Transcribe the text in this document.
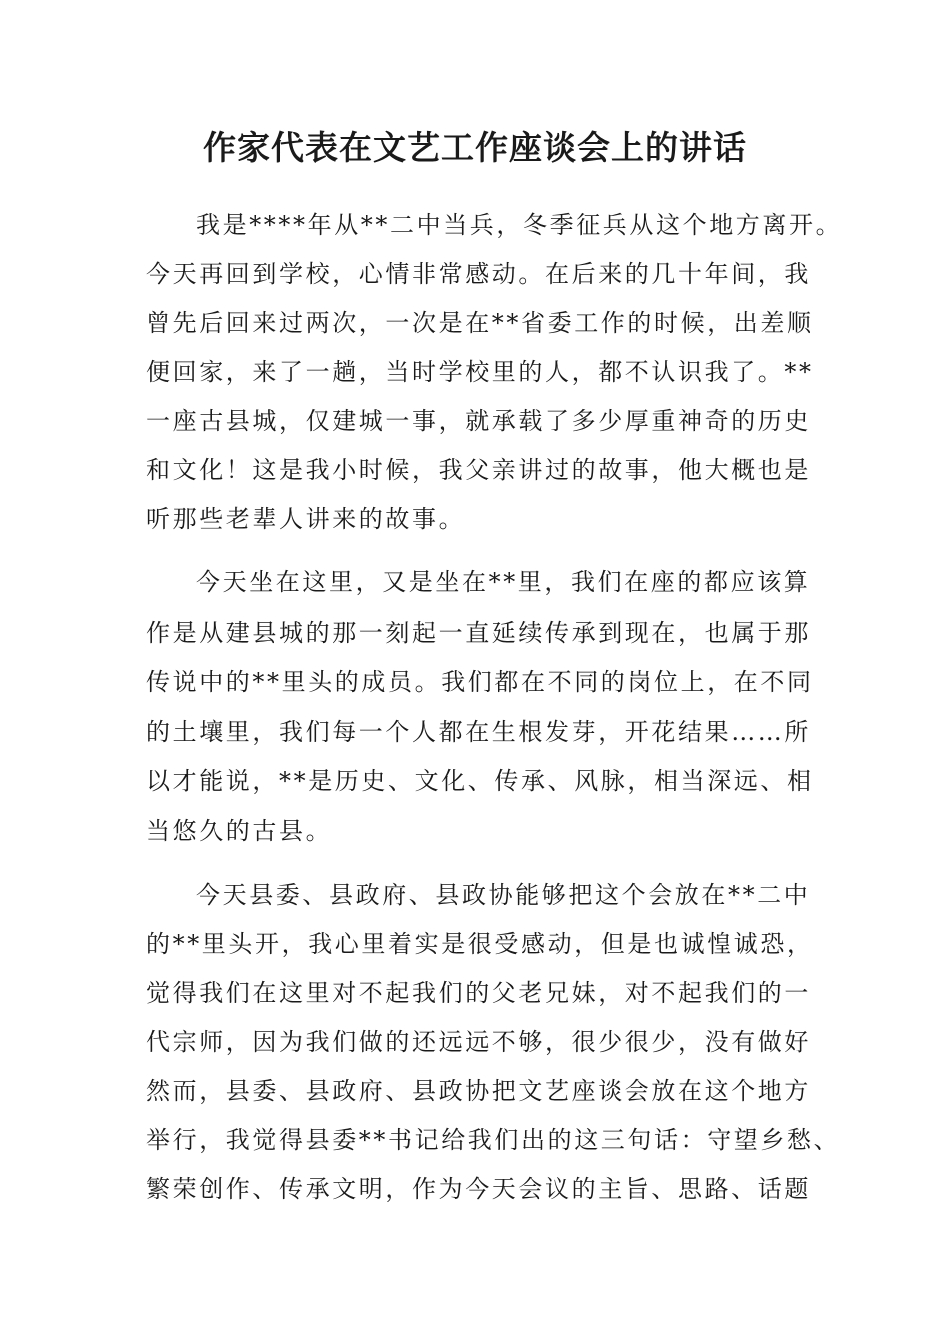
作家代表在文艺工作座谈会上的讲话

我是****年从**二中当兵，冬季征兵从这个地方离开。

今天再回到学校，心情非常感动。在后来的几十年间，我

曾先后回来过两次，一次是在**省委工作的时候，出差顺

便回家，来了一趟，当时学校里的人，都不认识我了。**

一座古县城，仅建城一事，就承载了多少厚重神奇的历史

和文化！这是我小时候，我父亲讲过的故事，他大概也是

听那些老辈人讲来的故事。

今天坐在这里，又是坐在**里，我们在座的都应该算

作是从建县城的那一刻起一直延续传承到现在，也属于那

传说中的**里头的成员。我们都在不同的岗位上，在不同

的土壤里，我们每一个人都在生根发芽，开花结果……所

以才能说，**是历史、文化、传承、风脉，相当深远、相

当悠久的古县。

今天县委、县政府、县政协能够把这个会放在**二中

的**里头开，我心里着实是很受感动，但是也诚惶诚恐，

觉得我们在这里对不起我们的父老兄妹，对不起我们的一

代宗师，因为我们做的还远远不够，很少很少，没有做好

然而，县委、县政府、县政协把文艺座谈会放在这个地方

举行，我觉得县委**书记给我们出的这三句话：守望乡愁、

繁荣创作、传承文明，作为今天会议的主旨、思路、话题
